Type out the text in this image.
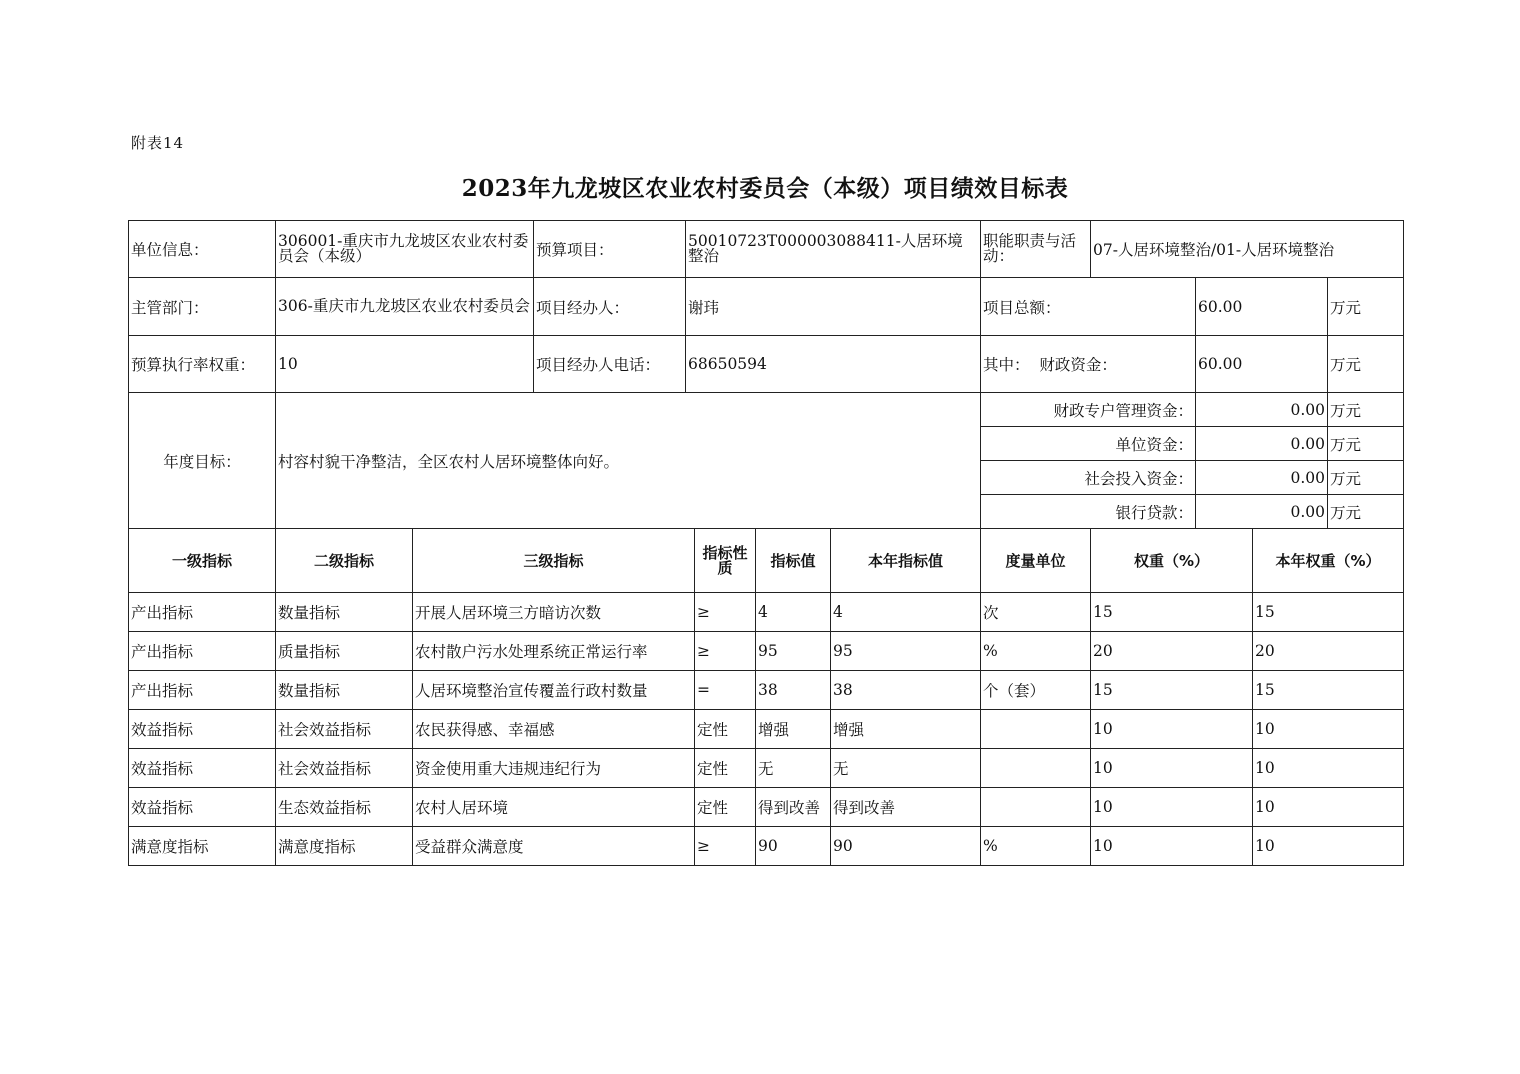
附表14
2023年九龙坡区农业农村委员会（本级）项目绩效目标表
单位信息：	306001-重庆市九龙坡区农业农村委员会（本级）	预算项目：	50010723T000003088411-人居环境整治	职能职责与活动：	07-人居环境整治/01-人居环境整治		
主管部门：	306-重庆市九龙坡区农业农村委员会	项目经办人：	谢玮	项目总额：		60.00	万元
预算执行率权重：	10	项目经办人电话：	68650594	其中：  财政资金：		60.00	万元
年度目标：	村容村貌干净整洁，全区农村人居环境整体向好。			财政专户管理资金：		0.00	万元
				单位资金：		0.00	万元
				社会投入资金：		0.00	万元
				银行贷款：		0.00	万元
一级指标	二级指标	三级指标	指标性质	指标值	本年指标值	度量单位	权重（%）	本年权重（%）
产出指标	数量指标	开展人居环境三方暗访次数	≥	4	4	次	15	15
产出指标	质量指标	农村散户污水处理系统正常运行率	≥	95	95	%	20	20
产出指标	数量指标	人居环境整治宣传覆盖行政村数量	=	38	38	个（套）	15	15
效益指标	社会效益指标	农民获得感、幸福感	定性	增强	增强		10	10
效益指标	社会效益指标	资金使用重大违规违纪行为	定性	无	无		10	10
效益指标	生态效益指标	农村人居环境	定性	得到改善	得到改善		10	10
满意度指标	满意度指标	受益群众满意度	≥	90	90	%	10	10
